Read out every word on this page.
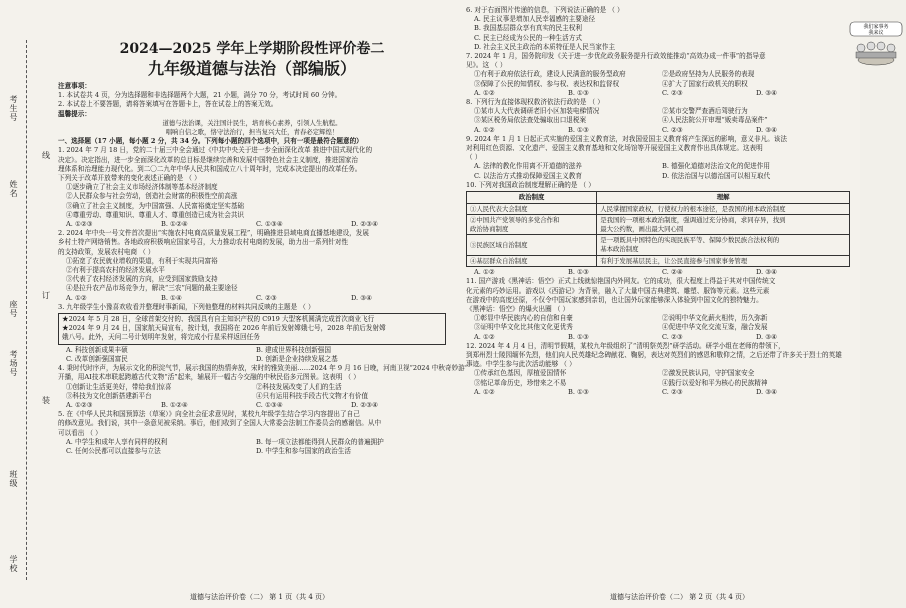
考生号
姓名
座号
考场号
班级
学校
线
订
装

2024—2025 学年上学期阶段性评价卷二

九年级道德与法治（部编版）

注意事项：

1. 本试卷共 4 页，分为选择题和非选择题两个大题，21 小题，满分 70 分，考试时间 60 分钟。

2. 本试卷上不要答题，请将答案填写在答题卡上，答在试卷上的答案无效。

温馨提示：

道德与法治课，关注国计民生，培育核心素养，引领人生航程。

唱响自信之歌，恪守法治行，担当复兴大任，青春必定辉煌！

一、选择题（17 小题，每小题 2 分，共 34 分。下列每小题的四个选项中，只有一项是最符合题意的）

1. 2024 年 7 月 18 日，党的二十届三中全会通过《中共中央关于进一步全面深化改革 推进中国式现代化的

决定》。决定指出，进一步全面深化改革的总目标是继续完善和发展中国特色社会主义制度，推进国家治

理体系和治理能力现代化。到二〇二九年中华人民共和国成立八十周年时，完成本决定提出的改革任务。

下列关于改革开放带来的变化表述正确的是 （ ）

①逐步确立了社会主义市场经济体制等基本经济制度

②人民群众参与社会劳动，创造社会财富的积极性空前高涨

③确立了社会主义制度，为中国富强、人民富裕奠定坚实基础

④尊重劳动、尊重知识、尊重人才、尊重创造已成为社会共识

A. ①②③	B. ①②④	C. ①③④	D. ②③④

2. 2024 年中央一号文件首次提出“实施农村电商高质量发展工程”，明确推进县域电商直播基地建设，发展

乡村土特产网络销售。各地政府积极响应国家号召，大力推动农村电商的发展，助力出一系列针对性

的支持政策，发展农村电商 （ ）

①拓宽了农民就业增收的渠道，有利于实现共同富裕

②有利于提高农村的经济发展水平

③代表了农村经济发展的方向，应受到国家鼓励支持

④是拉升农产品市场竞争力，解决“三农”问题的最主要途径

A. ①②	B. ①④	C. ②③	D. ③④

3. 九年级学生小豫喜欢收看并整理时事新闻，下列他整理的材料共同反映的主题是 （ ）

★2024 年 5 月 28 日，全球首架交付的、我国具有自主知识产权的 C919 大型客机圆满完成首次商业飞行

★2024 年 9 月 24 日，国家航天局宣布，按计划，我国将在 2026 年前后发射嫦娥七号，2028 年前后发射嫦

娥八号。此外，天问二号计划明年发射，将完成小行星采样返回任务

A. 科技创新成果丰硕	B. 建成世界科技创新强国

C. 改革创新强国富民	D. 创新是企业持续发展之基

4. 秉时代时序声，为展示文化的积淀气节，展示我国的热情奔放，宋时的雅致美丽……2024 年 9 月 16 日晚，河南卫视“2024 中秋奇妙游”

开播，用AI技术串联起跨越古代文物“活”起来，辅展开一幅古今交融的中秋民俗多元图景。这表明 （ ）

①创新让生活更美好，带给我们惊喜	②科技发展改变了人们的生活

③科技为文化创新搭建新平台	④只有运用科技手段古代文物才有价值

A. ①②③	B. ①②④	C. ①③④	D. ②③④

5. 在《中华人民共和国预算法（草案）》向全社会征求意见时，某校九年级学生结合学习内容提出了自己

的修改意见。我们说，其中一条意见被采纳。事后，他们收到了全国人大常委会法制工作委员会的感谢信。从中

可以看出 （ ）

A. 中学生和成年人享有同样的权利	B. 每一项立法都能得到人民群众的普遍拥护

C. 任何公民都可以直接参与立法	D. 中学生和参与国家的政治生活

道德与法治评价卷（二） 第 1 页（共 4 页）
我们家事务
我来议

6. 对于右面图片传递的信息，下列说法正确的是 （ ）

A. 民主议事是增加人民幸福感的主要途径

B. 我国基层群众享有真实的民主权利

C. 民主已经成为公民的一种生活方式

D. 社会主义民主政治的本质特征是人民当家作主

7. 2024 年 1 月，国务院印发《关于进一步优化政务服务提升行政效能推动“高效办成一件事”的指导意

见》。这 （ ）

①有利于政府依法行政，建设人民满意的服务型政府	②是政府坚持为人民服务的表现

③保障了公民的知情权、参与权、表达权和监督权	④扩大了国家行政机关的职权

A. ①②	B. ①③	C. ②③	D. ③④

8. 下列行为直接体现权救济依法行政的是 （ ）

①某市人大代表调研老旧小区加装电梯情况	②某市交警严查酒后驾驶行为

③某区税务局依法查处骗取出口退税案	④人民法院公开审理“贩卖毒品案件”

A. ①②	B. ①③	C. ②③	D. ③④

9. 2024 年 1 月 1 日起正式实施的爱国主义教育法，对我国爱国主义教育将产生深远的影响，意义非凡。该法

对利用红色资源、文化遗产、爱国主义教育基地和文化场馆等开展爱国主义教育作出具体规定。这表明

（ ）

A. 法律的教化作用离不开道德的滋养	B. 德强化道德对法治文化的促进作用

C. 以法治方式推动保障爱国主义教育	D. 依法治国与以德治国可以相互取代

10. 下列对我国政治制度理解正确的是 （ ）

政治制度	理解
①人民代表大会制度	人民掌握国家政权，行使权力的根本途径，是我国的根本政治制度
②中国共产党领导的多党合作和
政治协商制度	是我国的一项根本政治制度，强调通过充分协商，求同存异，找到
最大公约数，画出最大同心圆
③民族区域自治制度	是一项既具中国特色的实现民族平等、保障少数民族合法权利的
基本政治制度
④基层群众自治制度	有利于发展基层民主，让公民直接参与国家事务管理

A. ①②	B. ①③	C. ②④	D. ③④

11. 国产游戏《黑神话：悟空》正式上线就惊艳国内外网友。它的成功，很大程度上得益于其对中国传统文

化元素的巧妙运用。游戏以《西游记》为背景，融入了大量中国古典建筑、雕塑、服饰等元素。这些元素

在游戏中的高度还原，不仅令中国玩家感到亲切，也让国外玩家能够深入体验到中国文化的独特魅力。

《黑神话：悟空》的爆火出圈 （ ）

①彰显中华民族内心的自信和自豪	②说明中华文化薪火相传，历久弥新

③证明中华文化比其他文化更优秀	④促进中华文化交流互鉴，融合发展

A. ①②	B. ①③	C. ②③	D. ③④

12. 2024 年 4 月 4 日，清明节假期，某校九年级组织了“清明祭英烈”研学活动。研学小组在老师的带领下，

到郑州烈士陵园缅怀先烈，他们向人民英雄纪念碑献花、鞠躬，表达对英烈们的感恩和敬仰之情，之后还带了许多关于烈士的英雄

事迹。中学生参与此次活动能够 （ ）

①传承红色基因，厚植爱国情怀	②激发民族认同，守护国家安全

③铭记革命历史，珍惜来之不易	④践行以爱好和平为核心的民族精神

A. ①②	B. ①③	C. ②③	D. ③④

道德与法治评价卷（二） 第 2 页（共 4 页）
